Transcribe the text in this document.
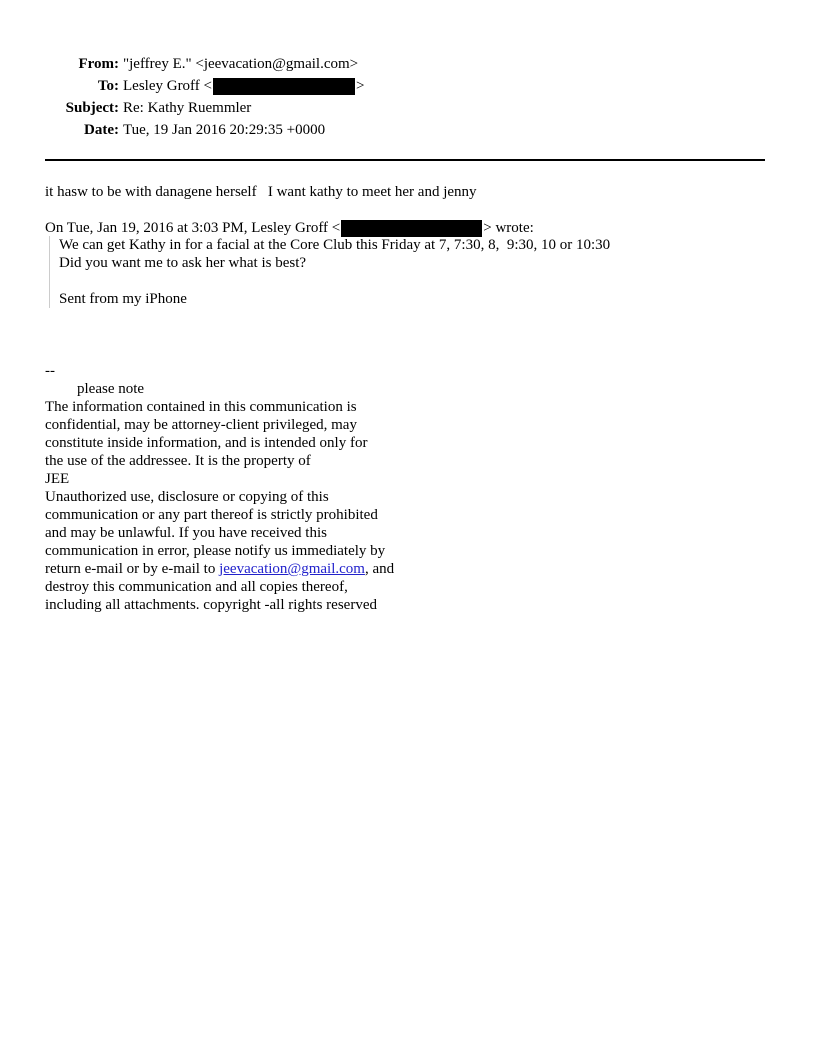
From: "jeffrey E." <jeevacation@gmail.com>
To: Lesley Groff <	>
Subject: Re: Kathy Ruemmler
Date: Tue, 19 Jan 2016 20:29:35 +0000
it hasw to be with danagene herself   I want kathy to meet her and jenny
On Tue, Jan 19, 2016 at 3:03 PM, Lesley Groff <	> wrote:
We can get Kathy in for a facial at the Core Club this Friday at 7, 7:30, 8,  9:30, 10 or 10:30
Did you want me to ask her what is best?
Sent from my iPhone
--
please note
The information contained in this communication is
confidential, may be attorney-client privileged, may
constitute inside information, and is intended only for
the use of the addressee. It is the property of
JEE
Unauthorized use, disclosure or copying of this
communication or any part thereof is strictly prohibited
and may be unlawful. If you have received this
communication in error, please notify us immediately by
return e-mail or by e-mail to jeevacation@gmail.com, and
destroy this communication and all copies thereof,
including all attachments. copyright -all rights reserved
